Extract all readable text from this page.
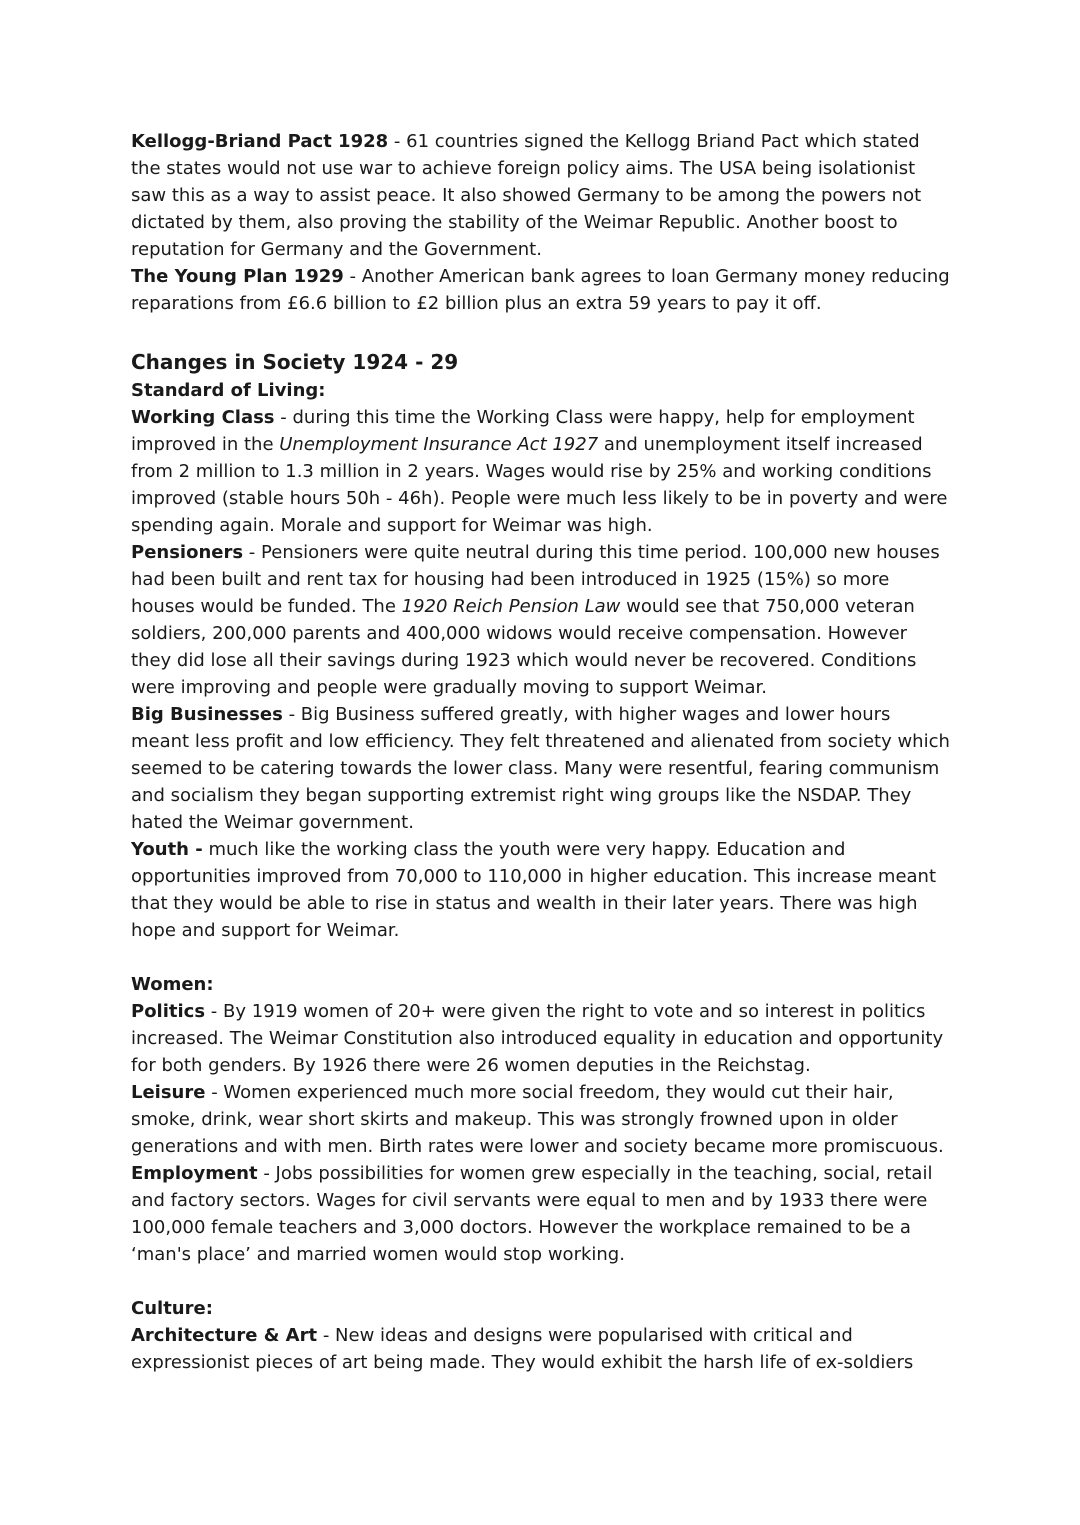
Kellogg-Briand Pact 1928 - 61 countries signed the Kellogg Briand Pact which stated the states would not use war to achieve foreign policy aims. The USA being isolationist saw this as a way to assist peace. It also showed Germany to be among the powers not dictated by them, also proving the stability of the Weimar Republic. Another boost to reputation for Germany and the Government.

The Young Plan 1929 - Another American bank agrees to loan Germany money reducing reparations from £6.6 billion to £2 billion plus an extra 59 years to pay it off.

Changes in Society 1924 - 29

Standard of Living:

Working Class - during this time the Working Class were happy, help for employment improved in the Unemployment Insurance Act 1927 and unemployment itself increased from 2 million to 1.3 million in 2 years. Wages would rise by 25% and working conditions improved (stable hours 50h - 46h). People were much less likely to be in poverty and were spending again. Morale and support for Weimar was high.

Pensioners - Pensioners were quite neutral during this time period. 100,000 new houses had been built and rent tax for housing had been introduced in 1925 (15%) so more houses would be funded. The 1920 Reich Pension Law would see that 750,000 veteran soldiers, 200,000 parents and 400,000 widows would receive compensation. However they did lose all their savings during 1923 which would never be recovered. Conditions were improving and people were gradually moving to support Weimar.

Big Businesses - Big Business suffered greatly, with higher wages and lower hours meant less profit and low efficiency. They felt threatened and alienated from society which seemed to be catering towards the lower class. Many were resentful, fearing communism and socialism they began supporting extremist right wing groups like the NSDAP. They hated the Weimar government.

Youth - much like the working class the youth were very happy. Education and opportunities improved from 70,000 to 110,000 in higher education. This increase meant that they would be able to rise in status and wealth in their later years. There was high hope and support for Weimar.

Women:

Politics - By 1919 women of 20+ were given the right to vote and so interest in politics increased. The Weimar Constitution also introduced equality in education and opportunity for both genders. By 1926 there were 26 women deputies in the Reichstag.

Leisure - Women experienced much more social freedom, they would cut their hair, smoke, drink, wear short skirts and makeup. This was strongly frowned upon in older generations and with men. Birth rates were lower and society became more promiscuous.

Employment - Jobs possibilities for women grew especially in the teaching, social, retail and factory sectors. Wages for civil servants were equal to men and by 1933 there were 100,000 female teachers and 3,000 doctors. However the workplace remained to be a ‘man's place’ and married women would stop working.

Culture:

Architecture & Art - New ideas and designs were popularised with critical and expressionist pieces of art being made. They would exhibit the harsh life of ex-soldiers
